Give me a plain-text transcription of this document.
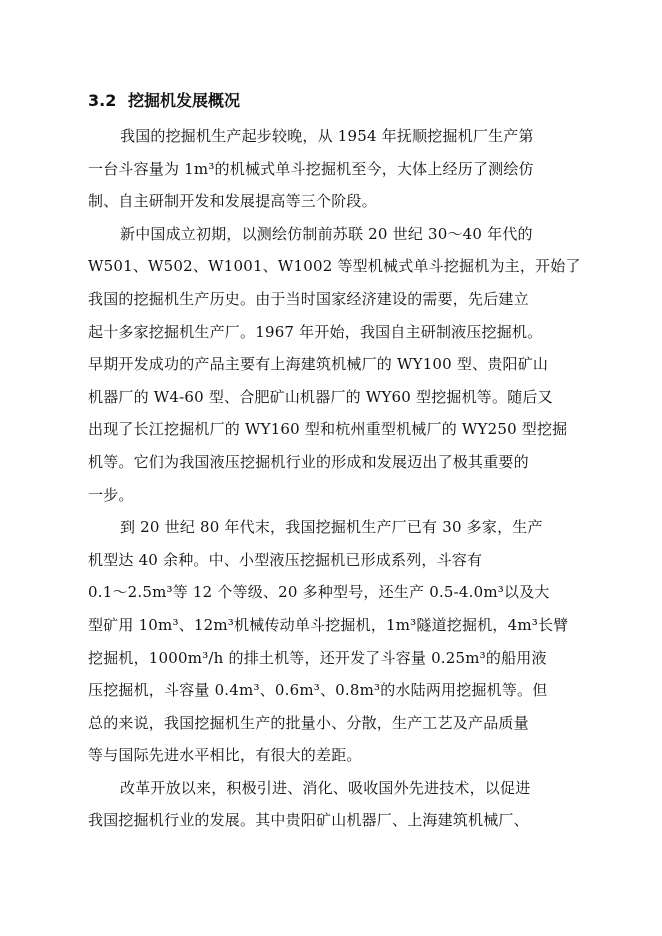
3.2 挖掘机发展概况
我国的挖掘机生产起步较晚，从 1954 年抚顺挖掘机厂生产第
一台斗容量为 1m³的机械式单斗挖掘机至今，大体上经历了测绘仿
制、自主研制开发和发展提高等三个阶段。
新中国成立初期，以测绘仿制前苏联 20 世纪 30～40 年代的
W501、W502、W1001、W1002 等型机械式单斗挖掘机为主，开始了
我国的挖掘机生产历史。由于当时国家经济建设的需要，先后建立
起十多家挖掘机生产厂。1967 年开始，我国自主研制液压挖掘机。
早期开发成功的产品主要有上海建筑机械厂的 WY100 型、贵阳矿山
机器厂的 W4-60 型、合肥矿山机器厂的 WY60 型挖掘机等。随后又
出现了长江挖掘机厂的 WY160 型和杭州重型机械厂的 WY250 型挖掘
机等。它们为我国液压挖掘机行业的形成和发展迈出了极其重要的
一步。
到 20 世纪 80 年代末，我国挖掘机生产厂已有 30 多家，生产
机型达 40 余种。中、小型液压挖掘机已形成系列，斗容有
0.1～2.5m³等 12 个等级、20 多种型号，还生产 0.5-4.0m³以及大
型矿用 10m³、12m³机械传动单斗挖掘机，1m³隧道挖掘机，4m³长臂
挖掘机，1000m³/h 的排土机等，还开发了斗容量 0.25m³的船用液
压挖掘机，斗容量 0.4m³、0.6m³、0.8m³的水陆两用挖掘机等。但
总的来说，我国挖掘机生产的批量小、分散，生产工艺及产品质量
等与国际先进水平相比，有很大的差距。
改革开放以来，积极引进、消化、吸收国外先进技术，以促进
我国挖掘机行业的发展。其中贵阳矿山机器厂、上海建筑机械厂、
